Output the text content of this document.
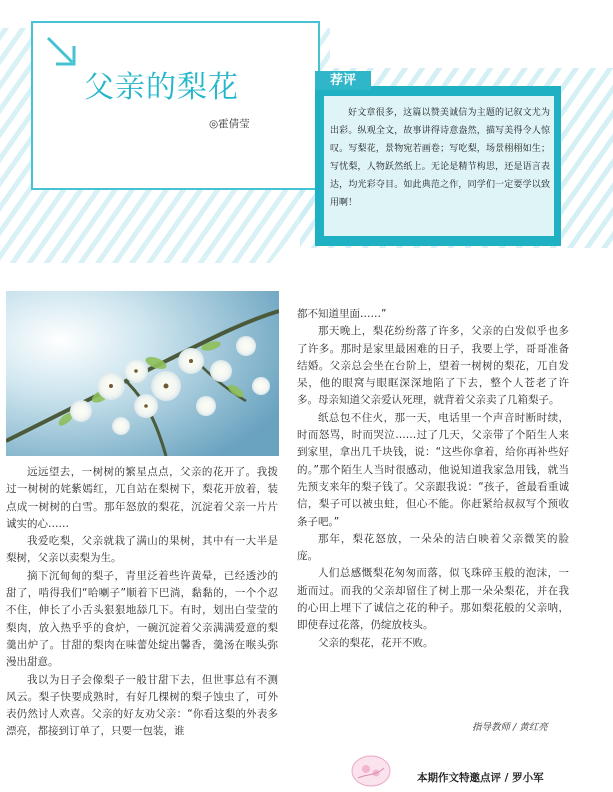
父亲的梨花
◎霍倩莹
荐评
好文章很多，这篇以赞美诚信为主题的记叙文尤为出彩。纵观全文，故事讲得诗意盎然，描写美得令人惊叹。写梨花，景物宛若画卷；写吃梨，场景栩栩如生；写忧梨，人物跃然纸上。无论是精节构思，还是语言表达，均光彩夺目。如此典范之作，同学们一定要学以致用啊！

远远望去，一树树的繁星点点，父亲的花开了。我拨过一树树的姹紫嫣红，兀自站在梨树下，梨花开放着，装点成一树树的白雪。那年怒放的梨花，沉淀着父亲一片片诚实的心……

我爱吃梨，父亲就栽了满山的果树，其中有一大半是梨树，父亲以卖梨为生。

摘下沉甸甸的梨子，青里泛着些许黄晕，已经透沙的甜了，啃得我们“哈喇子”顺着下巴淌，黏黏的，一个个忍不住，伸长了小舌头狠狠地舔几下。有时，划出白莹莹的梨肉，放入热乎乎的食炉，一碗沉淀着父亲满满爱意的梨羹出炉了。甘甜的梨肉在味蕾处绽出馨香，羹汤在喉头弥漫出甜意。

我以为日子会像梨子一般甘甜下去，但世事总有不测风云。梨子快要成熟时，有好几棵树的梨子蚀虫了，可外表仍然讨人欢喜。父亲的好友劝父亲：“你看这梨的外表多漂亮，都接到订单了，只要一包装，谁

都不知道里面……”

那天晚上，梨花纷纷落了许多，父亲的白发似乎也多了许多。那时是家里最困难的日子，我要上学，哥哥准备结婚。父亲总会坐在台阶上，望着一树树的梨花，兀自发呆，他的眼窝与眼眶深深地陷了下去，整个人苍老了许多。母亲知道父亲爱认死理，就背着父亲卖了几箱梨子。

纸总包不住火，那一天，电话里一个声音时断时续，时而怒骂，时而哭泣……过了几天，父亲带了个陌生人来到家里，拿出几千块钱，说：“这些你拿着，给你再补些好的。”那个陌生人当时很感动，他说知道我家急用钱，就当先预支来年的梨子钱了。父亲跟我说：“孩子，爸最看重诚信，梨子可以被虫蛀，但心不能。你赶紧给叔叔写个预收条子吧。”

那年，梨花怒放，一朵朵的洁白映着父亲微笑的脸庞。

人们总感慨梨花匆匆而落，似飞珠碎玉般的泡沫，一逝而过。而我的父亲却留住了树上那一朵朵梨花，并在我的心田上埋下了诚信之花的种子。那如梨花般的父亲呐，即使春过花落，仍绽放枝头。

父亲的梨花，花开不败。

指导教师 / 黄红亮
本期作文特邀点评 / 罗小军
